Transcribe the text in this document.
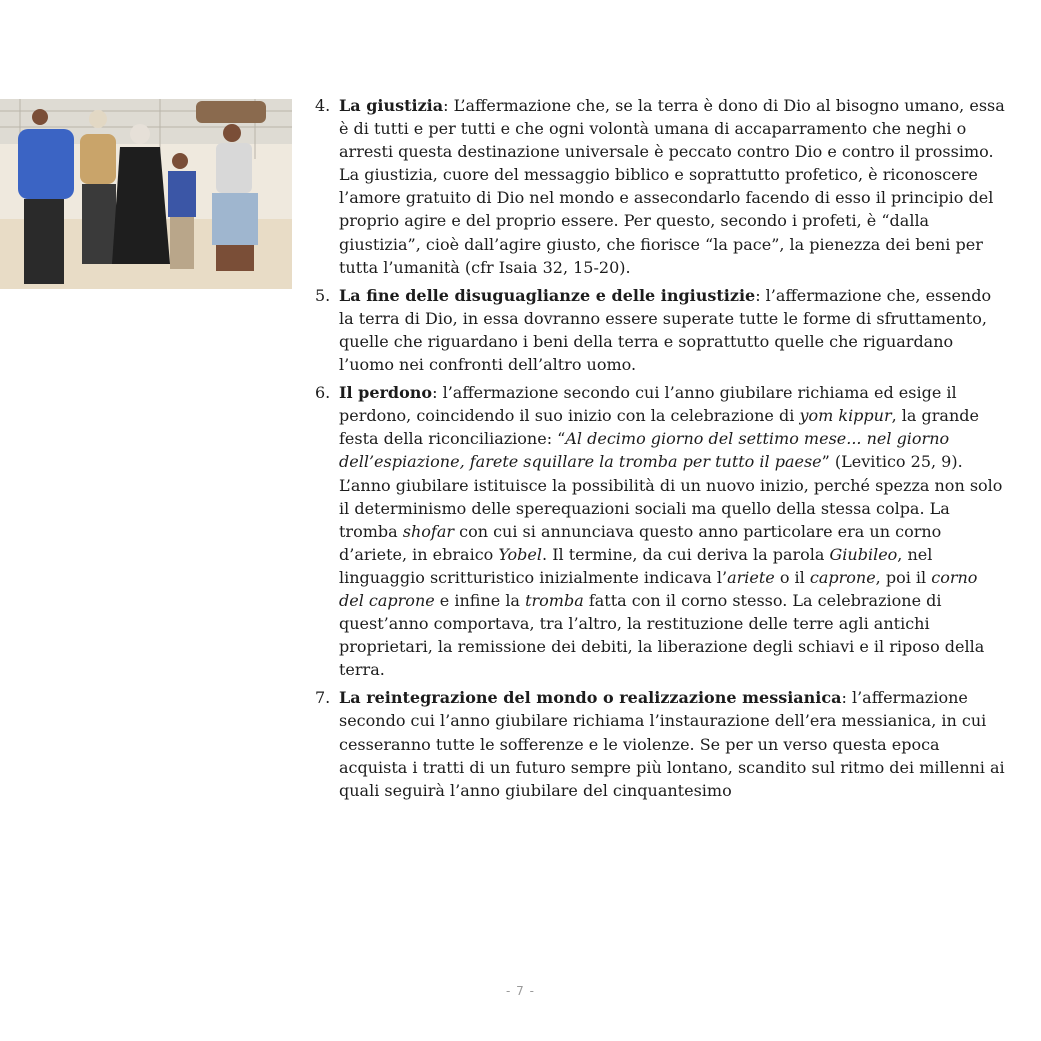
4. La giustizia: L’affermazione che, se la terra è dono di Dio al bisogno umano, essa è di tutti e per tutti e che ogni volontà umana di accaparramento che neghi o arresti questa destinazione universale è peccato contro Dio e contro il prossimo. La giustizia, cuore del messaggio biblico e soprattutto profetico, è riconoscere l’amore gratuito di Dio nel mondo e assecondarlo facendo di esso il principio del proprio agire e del proprio essere. Per questo, secondo i profeti, è “dalla giustizia”, cioè dall’agire giusto, che fiorisce “la pace”, la pienezza dei beni per tutta l’umanità (cfr Isaia 32, 15-20).
5. La fine delle disuguaglianze e delle ingiustizie: l’affermazione che, essendo la terra di Dio, in essa dovranno essere superate tutte le forme di sfruttamento, quelle che riguardano i beni della terra e soprattutto quelle che riguardano l’uomo nei confronti dell’altro uomo.
6. Il perdono: l’affermazione secondo cui l’anno giubilare richiama ed esige il perdono, coincidendo il suo inizio con la celebrazione di yom kippur, la grande festa della riconciliazione: “Al decimo giorno del settimo mese... nel giorno dell’espiazione, farete squillare la tromba per tutto il paese” (Levitico 25, 9). L’anno giubilare istituisce la possibilità di un nuovo inizio, perché spezza non solo il determinismo delle sperequazioni sociali ma quello della stessa colpa. La tromba shofar con cui si annunciava questo anno particolare era un corno d’ariete, in ebraico Yobel. Il termine, da cui deriva la parola Giubileo, nel linguaggio scritturistico inizialmente indicava l’ariete o il caprone, poi il corno del caprone e infine la tromba fatta con il corno stesso. La celebrazione di quest’anno comportava, tra l’altro, la restituzione delle terre agli antichi proprietari, la remissione dei debiti, la liberazione degli schiavi e il riposo della terra.
7. La reintegrazione del mondo o realizzazione messianica: l’affermazione secondo cui l’anno giubilare richiama l’instaurazione dell’era messianica, in cui cesseranno tutte le sofferenze e le violenze. Se per un verso questa epoca acquista i tratti di un futuro sempre più lontano, scandito sul ritmo dei millenni ai quali seguirà l’anno giubilare del cinquantesimo
- 7 -
